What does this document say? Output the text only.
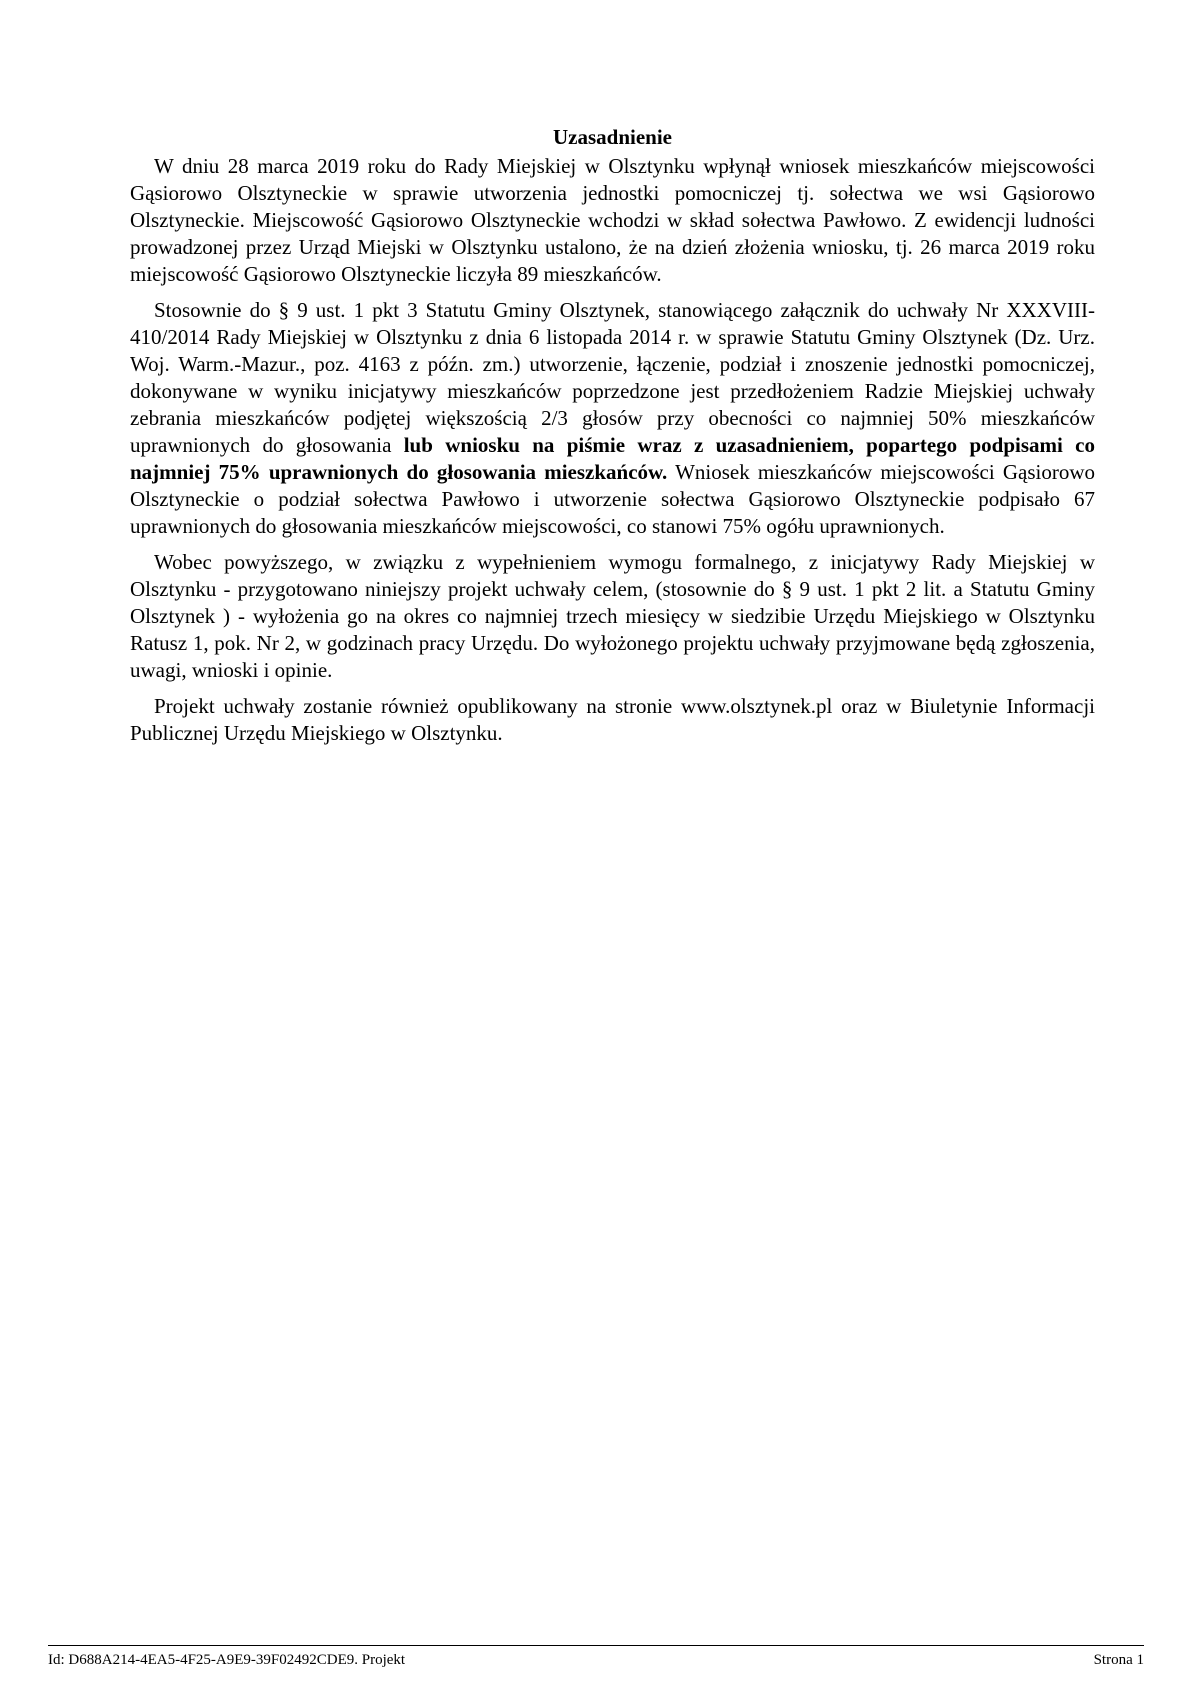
Uzasadnienie

W dniu 28 marca 2019 roku do Rady Miejskiej w Olsztynku wpłynął wniosek mieszkańców miejscowości Gąsiorowo Olsztyneckie w sprawie utworzenia jednostki pomocniczej tj. sołectwa we wsi Gąsiorowo Olsztyneckie. Miejscowość Gąsiorowo Olsztyneckie wchodzi w skład sołectwa Pawłowo. Z ewidencji ludności prowadzonej przez Urząd Miejski w Olsztynku ustalono, że na dzień złożenia wniosku, tj. 26 marca 2019 roku miejscowość Gąsiorowo Olsztyneckie liczyła 89 mieszkańców.

Stosownie do § 9 ust. 1 pkt 3 Statutu Gminy Olsztynek, stanowiącego załącznik do uchwały Nr XXXVIII-410/2014 Rady Miejskiej w Olsztynku z dnia 6 listopada 2014 r. w sprawie Statutu Gminy Olsztynek (Dz. Urz. Woj. Warm.-Mazur., poz. 4163 z późn. zm.) utworzenie, łączenie, podział i znoszenie jednostki pomocniczej, dokonywane w wyniku inicjatywy mieszkańców poprzedzone jest przedłożeniem Radzie Miejskiej uchwały zebrania mieszkańców podjętej większością 2/3 głosów przy obecności co najmniej 50% mieszkańców uprawnionych do głosowania lub wniosku na piśmie wraz z uzasadnieniem, popartego podpisami co najmniej 75% uprawnionych do głosowania mieszkańców. Wniosek mieszkańców miejscowości Gąsiorowo Olsztyneckie o podział sołectwa Pawłowo i utworzenie sołectwa Gąsiorowo Olsztyneckie podpisało 67 uprawnionych do głosowania mieszkańców miejscowości, co stanowi 75% ogółu uprawnionych.

Wobec powyższego, w związku z wypełnieniem wymogu formalnego, z inicjatywy Rady Miejskiej w Olsztynku - przygotowano niniejszy projekt uchwały celem, (stosownie do § 9 ust. 1 pkt 2 lit. a Statutu Gminy Olsztynek ) - wyłożenia go na okres co najmniej trzech miesięcy w siedzibie Urzędu Miejskiego w Olsztynku Ratusz 1, pok. Nr 2, w godzinach pracy Urzędu. Do wyłożonego projektu uchwały przyjmowane będą zgłoszenia, uwagi, wnioski i opinie.

Projekt uchwały zostanie również opublikowany na stronie www.olsztynek.pl oraz w Biuletynie Informacji Publicznej Urzędu Miejskiego w Olsztynku.

Id: D688A214-4EA5-4F25-A9E9-39F02492CDE9. Projekt	Strona 1
